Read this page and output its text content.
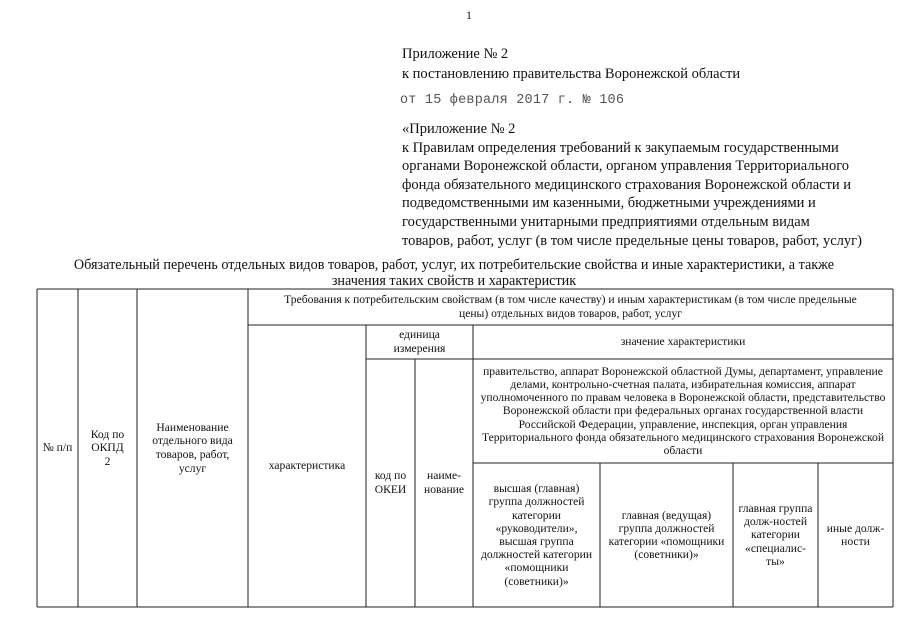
1
Приложение № 2
к постановлению правительства Воронежской области
от 15 февраля 2017 г. № 106
«Приложение № 2
к Правилам определения требований к закупаемым государственными
органами Воронежской области, органом управления Территориального
фонда обязательного медицинского страхования Воронежской области и
подведомственными им казенными, бюджетными учреждениями и
государственными унитарными предприятиями отдельным видам
товаров, работ, услуг (в том числе предельные цены товаров, работ, услуг)
Обязательный перечень отдельных видов товаров, работ, услуг, их потребительские свойства и иные характеристики, а также
значения таких свойств и характеристик
№ п/п
Код по ОКПД 2
Наименование отдельного вида товаров, работ, услуг
Требования к потребительским свойствам (в том числе качеству) и иным характеристикам (в том числе предельные цены) отдельных видов товаров, работ, услуг
характеристика
единица измерения
код по ОКЕИ
наиме-нование
значение характеристики
правительство, аппарат Воронежской областной Думы, департамент, управление делами, контрольно-счетная палата, избирательная комиссия, аппарат уполномоченного по правам человека в Воронежской области, представительство Воронежской области при федеральных органах государственной власти Российской Федерации, управление, инспекция, орган управления Территориального фонда обязательного медицинского страхования Воронежской области
высшая (главная) группа должностей категории «руководители», высшая группа должностей категории «помощники (советники)»
главная (ведущая) группа должностей категории «помощники (советники)»
главная группа долж-ностей категории «специалис-ты»
иные долж-ности
